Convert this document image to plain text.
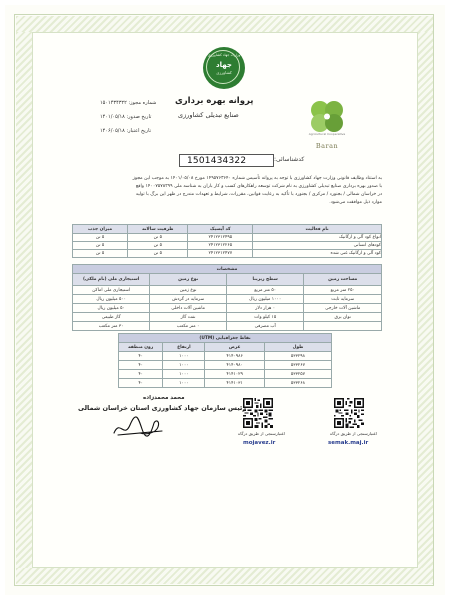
وزارت جهاد کشاورزی
جهاد
کشاورزی
پروانه بهره برداری
صنایع تبدیلی کشاورزی
شماره مجوز: ۱۵۰۱۴۳۴۳۲۲
تاریخ صدور: ۱۴۰۱/۰۵/۱۸
تاریخ اعتبار: ۱۴۰۶/۰۵/۱۸	Agricultural Cooperative
Baran
کدشناسائی:
1501434322
به استناد وظایف قانونی وزارت جهاد کشاورزی با توجه به پروانه تأسیس شماره ۱۴۹۵۷۶۳۶۴۰ مورخ ۱۴۰۱/۰۵/۰۸ به موجب این مجوز
با صدور بهره برداری صنایع تبدیلی کشاورزی به نام شرکت توسعه راهکارهای کسب و کار باران به شناسه ملی ۱۴۰۰۷۵۷۸۲۹۹ واقع
در خراسان شمالی / بجنورد / مرکزی / بجنورد با تأکید به رعایت قوانین، مقررات، شرایط و تعهدات مندرج در ظهر این برگ با تولید
موارد ذیل موافقت می‌شود.
نام فعالیت	کد آیسیک	ظرفیت سالانه	میزان جذب
انواع کود آلی و ارگانیک	۲۴۱۲۳۱۲۴۹۵	۵ تن	۵ تن
کودهای انسانی	۲۴۱۲۳۱۲۲۶۵	۵ تن	۵ تن
کود آلی و ارگانیک غنی شده	۲۴۱۲۳۱۲۴۷۷	۵ تن	۵ تن
مشخصات			
مساحت زمین	سطح زیربنا	نوع زمین	استیجاری ملی (نام ملکی)
۲۵۰ متر مربع	۵۰ متر مربع	نوع زمین	استیجاری ملی اماکن
سرمایه ثابت	۱۰۰۰ میلیون ریال	سرمایه در گردش	۵۰۰ میلیون ریال
ماشین آلات خارجی	۰ هزار دلار	ماشین آلات داخلی	۵۰ میلیون ریال
توان برق	۱۵ کیلو وات	نفت گاز	گاز طبیعی
	آب مصرفی	۰ متر مکعب	۳۰ متر مکعب
نقاط جغرافیایی (UTM)			
طول	عرض	ارتفاع	زون منطقه
۵۳۳۲۹۸	۴۱۴۰۹۸۶	۱۰۰۰	۴۰
۵۳۳۲۶۷	۴۱۴۰۹۸۰	۱۰۰۰	۴۰
۵۳۳۲۵۷	۴۱۴۱۰۲۹	۱۰۰۰	۴۰
۵۳۳۲۶۸	۴۱۴۱۰۳۱	۱۰۰۰	۴۰
اعتبارسنجی از طریق درگاه	اعتبارسنجی از طریق درگاه
mojavez.ir	semak.maj.ir
محمد محمدزاده
رئیس سازمان جهاد کشاورزی استان خراسان شمالی
